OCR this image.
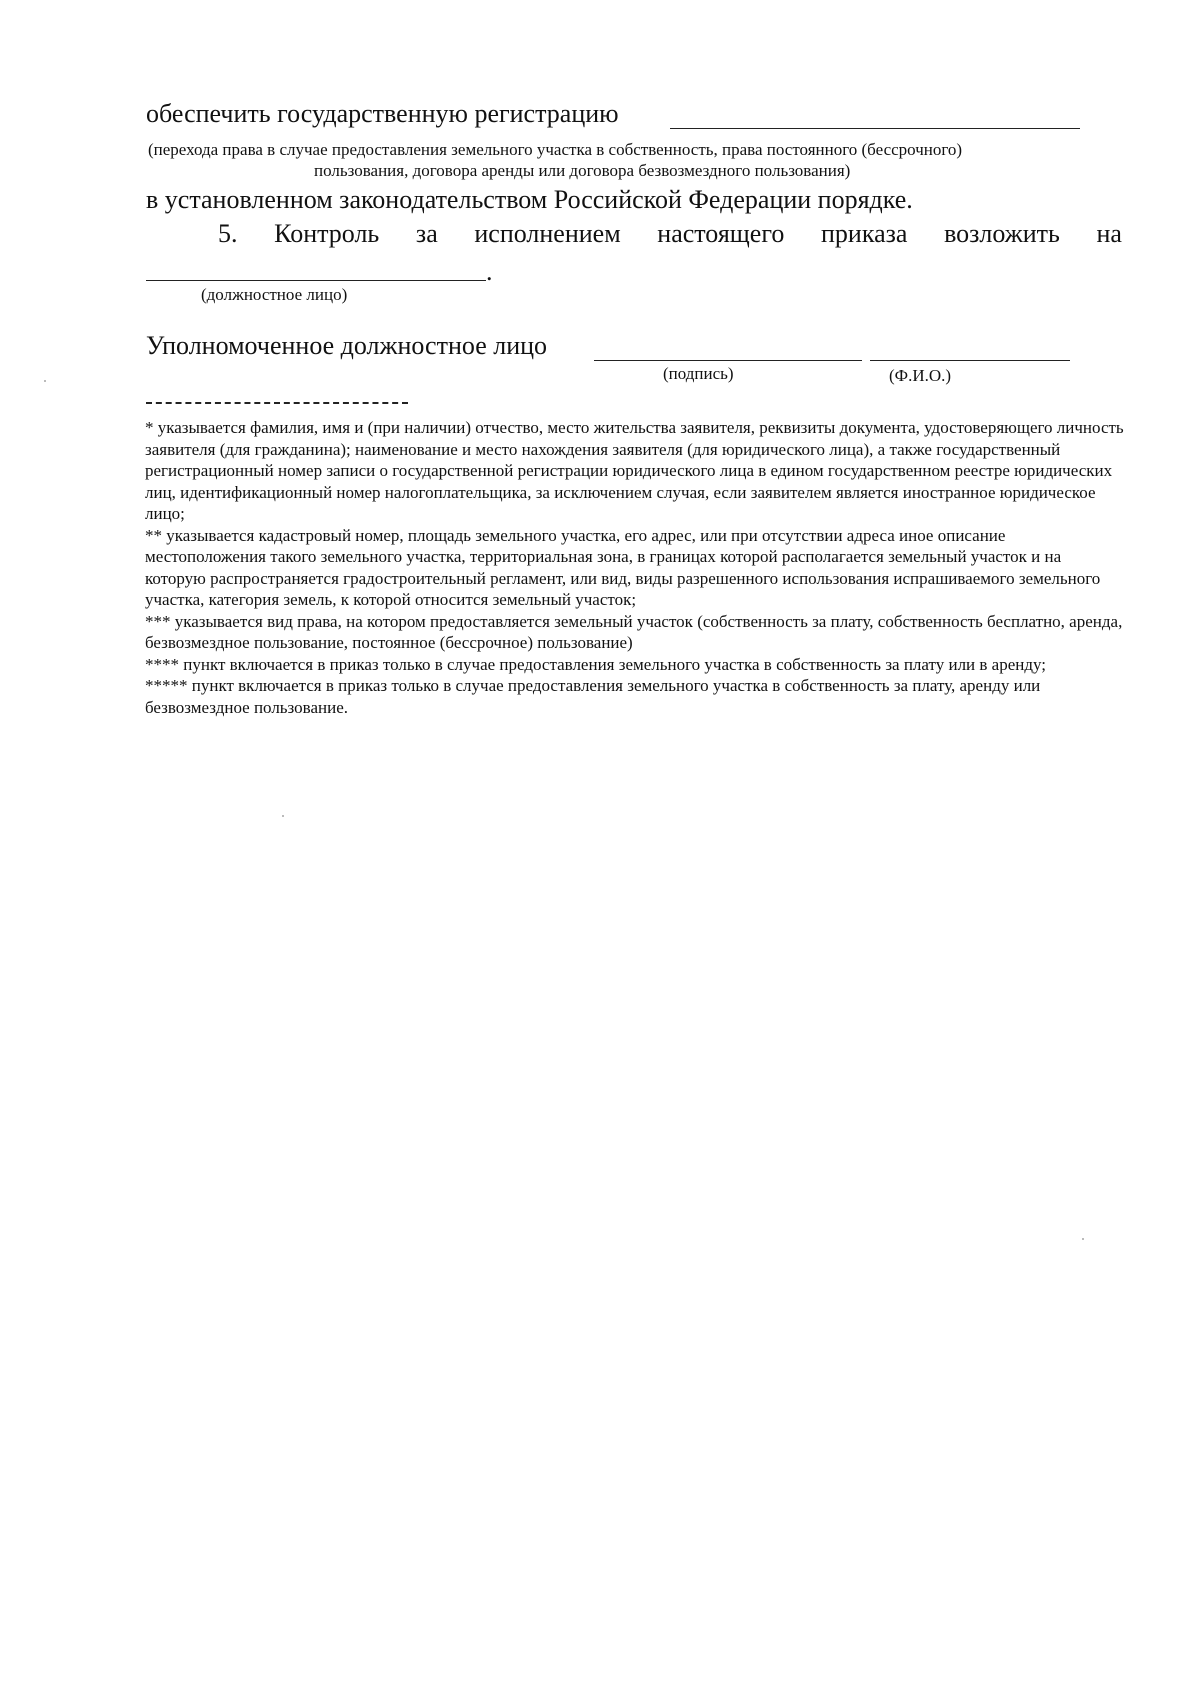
обеспечить государственную регистрацию
(перехода права в случае предоставления земельного участка в собственность, права постоянного (бессрочного)
пользования, договора аренды или договора безвозмездного пользования)
в установленном законодательством Российской Федерации порядке.
5. Контроль за исполнением настоящего приказа возложить на
.
(должностное лицо)
Уполномоченное должностное лицо
(подпись)	(Ф.И.О.)

* указывается фамилия, имя и (при наличии) отчество, место жительства заявителя, реквизиты документа, удостоверяющего личность заявителя (для гражданина); наименование и место нахождения заявителя (для юридического лица), а также государственный регистрационный номер записи о государственной регистрации юридического лица в едином государственном реестре юридических лиц, идентификационный номер налогоплательщика, за исключением случая, если заявителем является иностранное юридическое лицо;

** указывается кадастровый номер, площадь земельного участка, его адрес, или при отсутствии адреса иное описание местоположения такого земельного участка, территориальная зона, в границах которой располагается земельный участок и на которую распространяется градостроительный регламент, или вид, виды разрешенного использования испрашиваемого земельного участка, категория земель, к которой относится земельный участок;

*** указывается вид права, на котором предоставляется земельный участок (собственность за плату, собственность бесплатно, аренда, безвозмездное пользование, постоянное (бессрочное) пользование)

**** пункт включается в приказ только в случае предоставления земельного участка в собственность за плату или в аренду;

***** пункт включается в приказ только в случае предоставления земельного участка в собственность за плату, аренду или безвозмездное пользование.
